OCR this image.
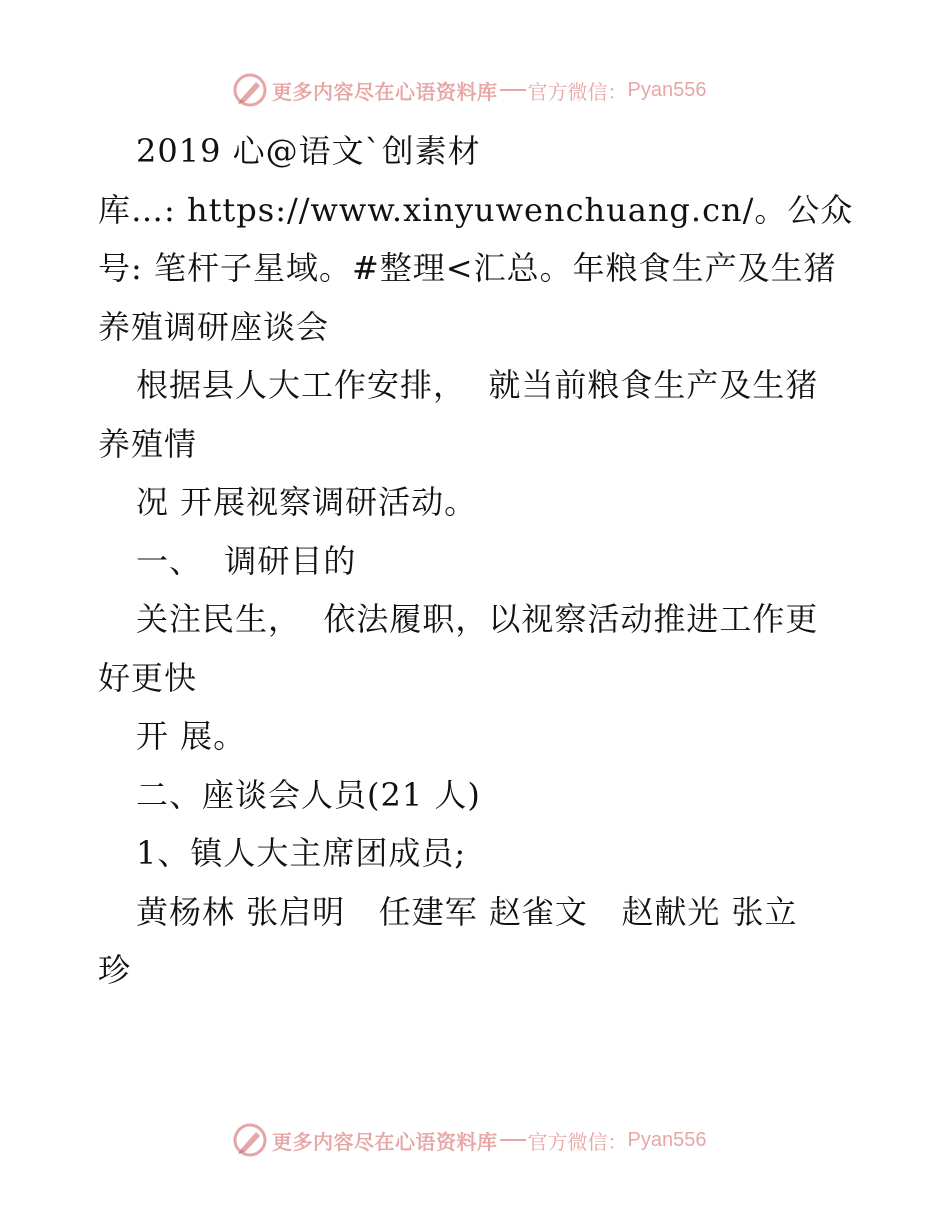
更多内容尽在心语资料库 官方微信： Pyan556
2019 心@语文`创素材
库…: https://www.xinyuwenchuang.cn/。公众
号: 笔杆子星域。#整理<汇总。年粮食生产及生猪
养殖调研座谈会
根据县人大工作安排，  就当前粮食生产及生猪
养殖情
况 开展视察调研活动。
一、  调研目的
关注民生，  依法履职，以视察活动推进工作更
好更快
开 展。
二、座谈会人员(21 人)
1、镇人大主席团成员;
黄杨林 张启明   任建军 赵雀文   赵献光 张立
珍
更多内容尽在心语资料库 官方微信： Pyan556
